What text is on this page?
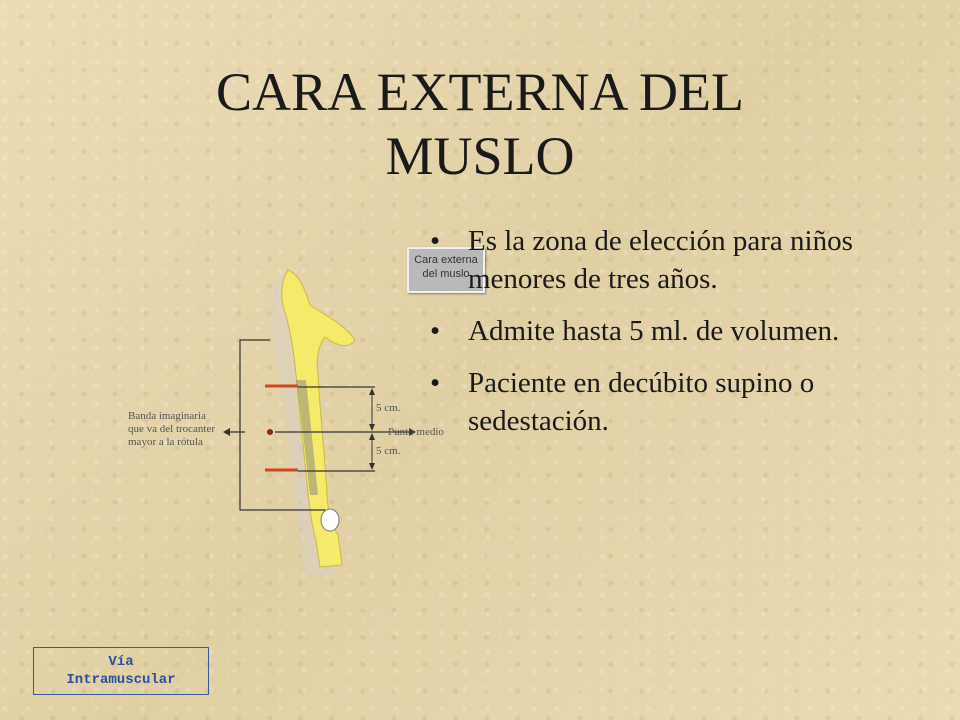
CARA EXTERNA DEL
MUSLO
Banda imaginaria
que va del trocanter
mayor a la rótula
5 cm.
5 cm.
Punto medio
Cara externa
del muslo
• Es la zona de elección para niños menores de tres años.
• Admite hasta 5 ml. de volumen.
• Paciente en decúbito supino o sedestación.
Vía
Intramuscular
